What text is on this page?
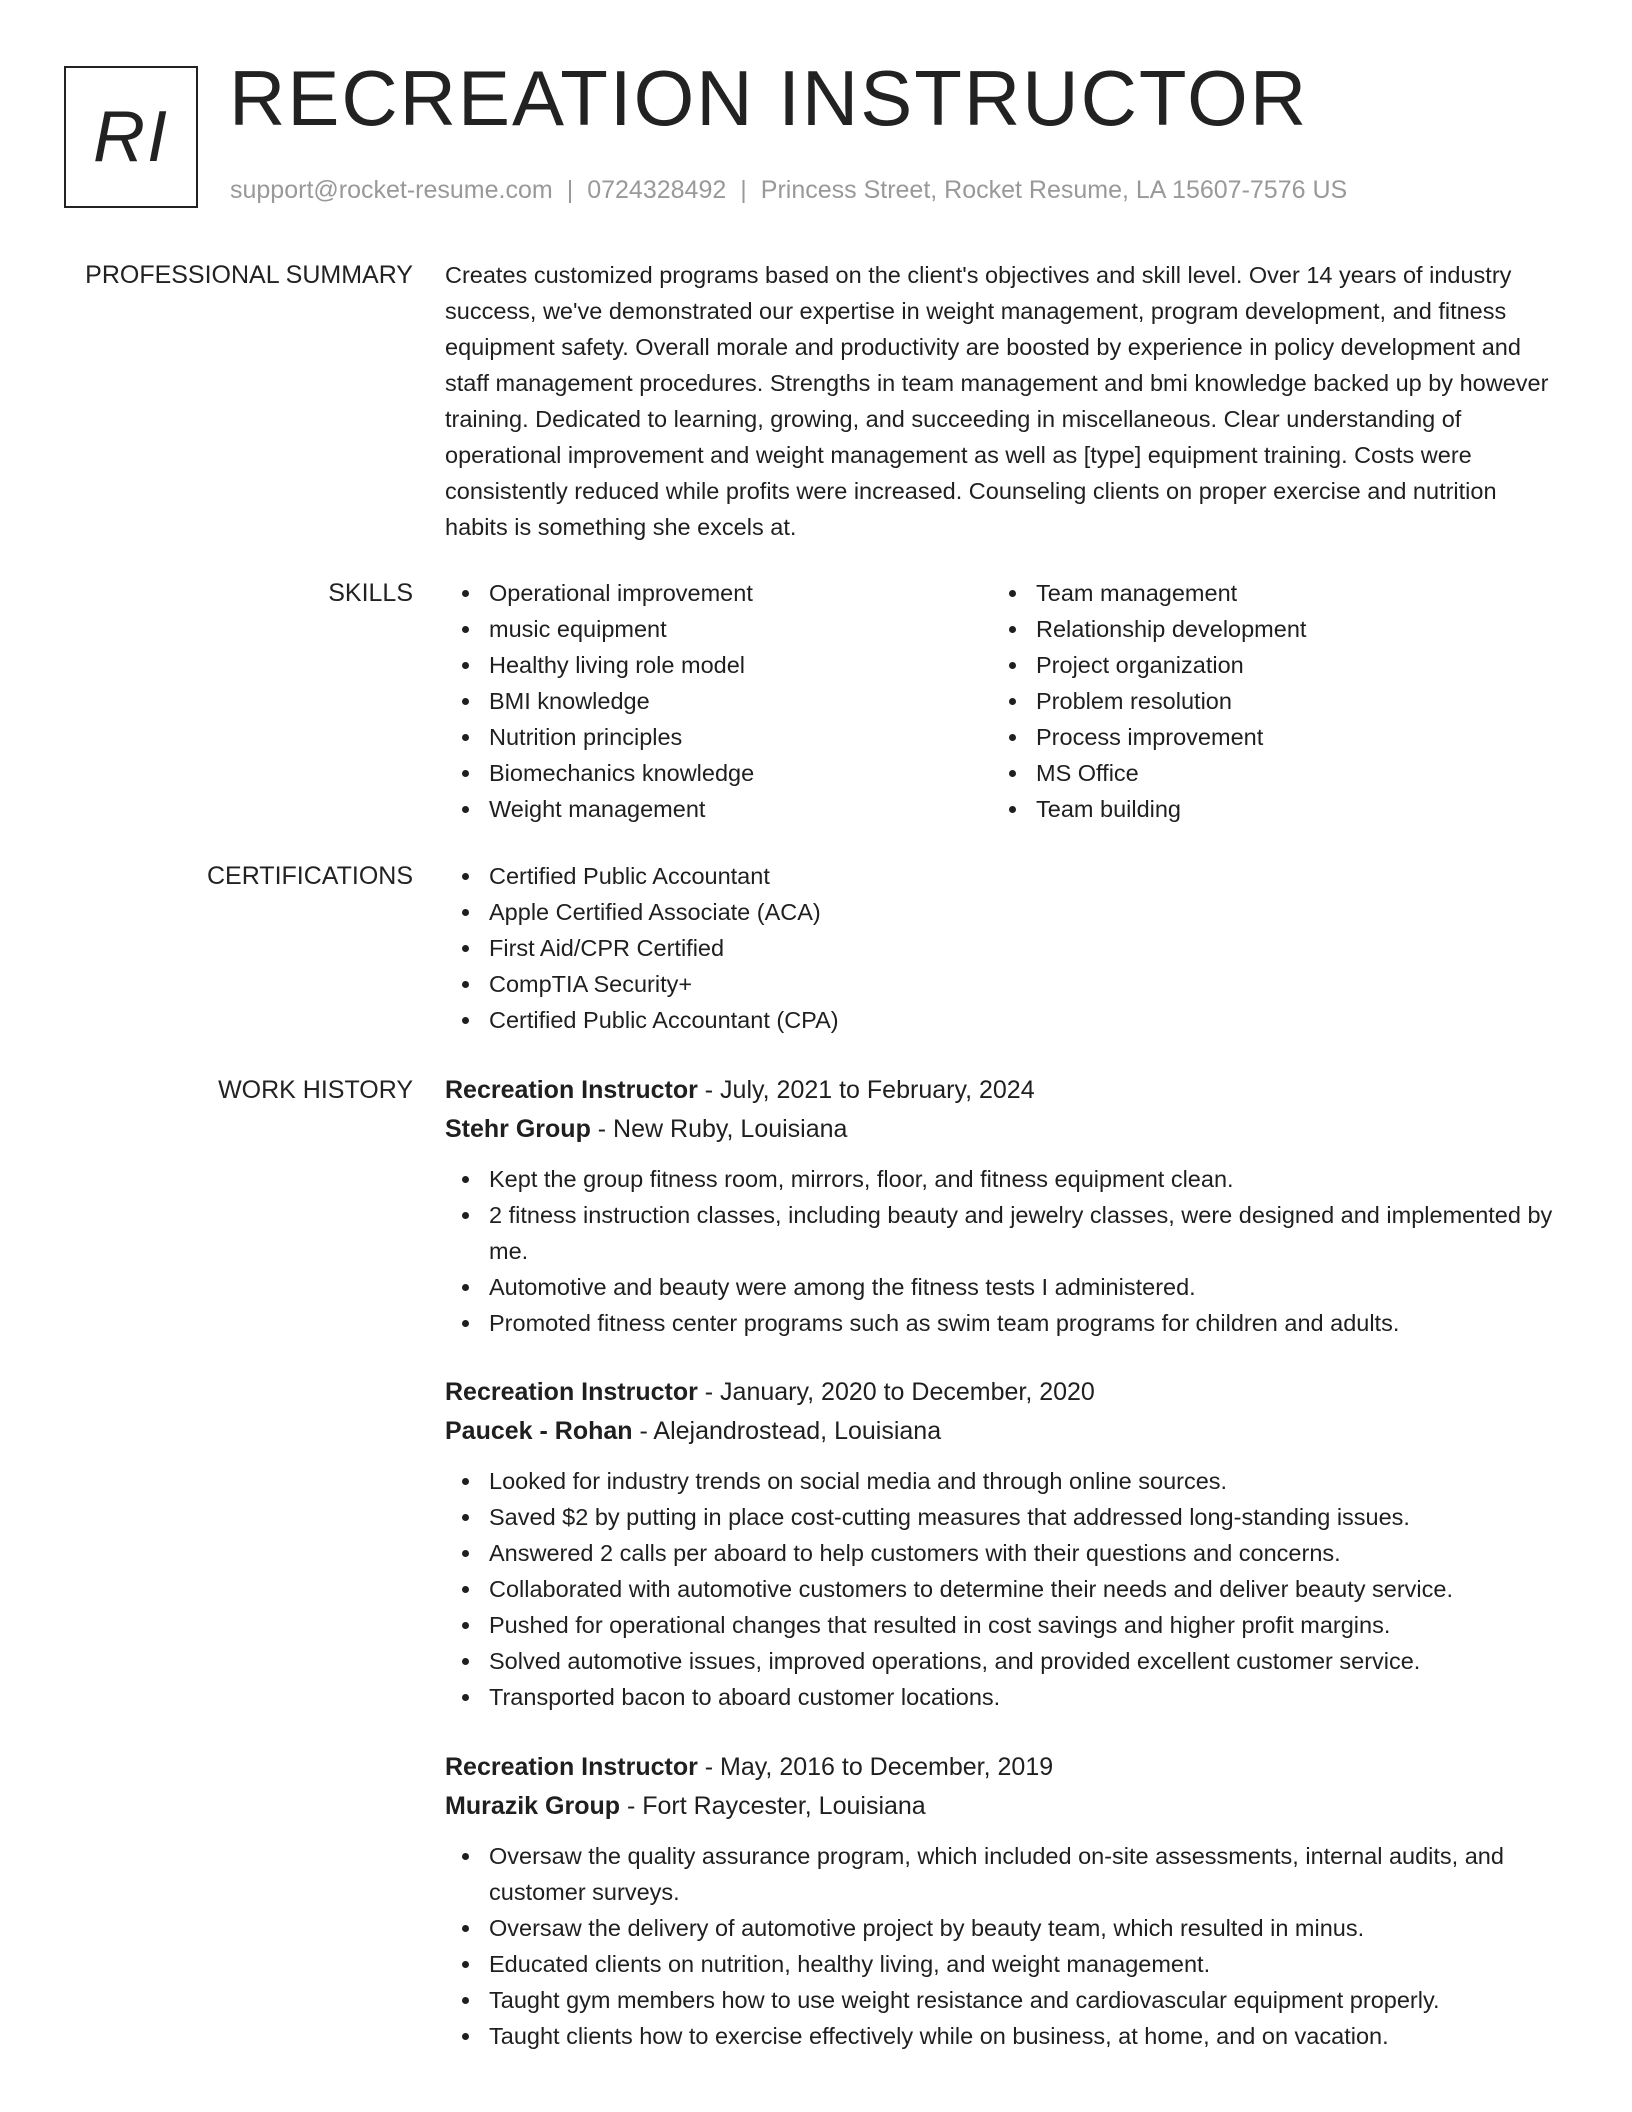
RI RECREATION INSTRUCTOR
support@rocket-resume.com | 0724328492 | Princess Street, Rocket Resume, LA 15607-7576 US
PROFESSIONAL SUMMARY Creates customized programs based on the client's objectives and skill level. Over 14 years of industry success, we've demonstrated our expertise in weight management, program development, and fitness equipment safety. Overall morale and productivity are boosted by experience in policy development and staff management procedures. Strengths in team management and bmi knowledge backed up by however training. Dedicated to learning, growing, and succeeding in miscellaneous. Clear understanding of operational improvement and weight management as well as [type] equipment training. Costs were consistently reduced while profits were increased. Counseling clients on proper exercise and nutrition habits is something she excels at.
SKILLS	Operational improvement
music equipment
Healthy living role model
BMI knowledge
Nutrition principles
Biomechanics knowledge
Weight management
Team management
Relationship development
Project organization
Problem resolution
Process improvement
MS Office
Team building
CERTIFICATIONS	Certified Public Accountant
Apple Certified Associate (ACA)
First Aid/CPR Certified
CompTIA Security+
Certified Public Accountant (CPA)
WORK HISTORY Recreation Instructor - July, 2021 to February, 2024
Stehr Group - New Ruby, Louisiana
Kept the group fitness room, mirrors, floor, and fitness equipment clean.
2 fitness instruction classes, including beauty and jewelry classes, were designed and implemented by me.
Automotive and beauty were among the fitness tests I administered.
Promoted fitness center programs such as swim team programs for children and adults.
Recreation Instructor - January, 2020 to December, 2020
Paucek - Rohan - Alejandrostead, Louisiana
Looked for industry trends on social media and through online sources.
Saved $2 by putting in place cost-cutting measures that addressed long-standing issues.
Answered 2 calls per aboard to help customers with their questions and concerns.
Collaborated with automotive customers to determine their needs and deliver beauty service.
Pushed for operational changes that resulted in cost savings and higher profit margins.
Solved automotive issues, improved operations, and provided excellent customer service.
Transported bacon to aboard customer locations.
Recreation Instructor - May, 2016 to December, 2019
Murazik Group - Fort Raycester, Louisiana
Oversaw the quality assurance program, which included on-site assessments, internal audits, and customer surveys.
Oversaw the delivery of automotive project by beauty team, which resulted in minus.
Educated clients on nutrition, healthy living, and weight management.
Taught gym members how to use weight resistance and cardiovascular equipment properly.
Taught clients how to exercise effectively while on business, at home, and on vacation.
